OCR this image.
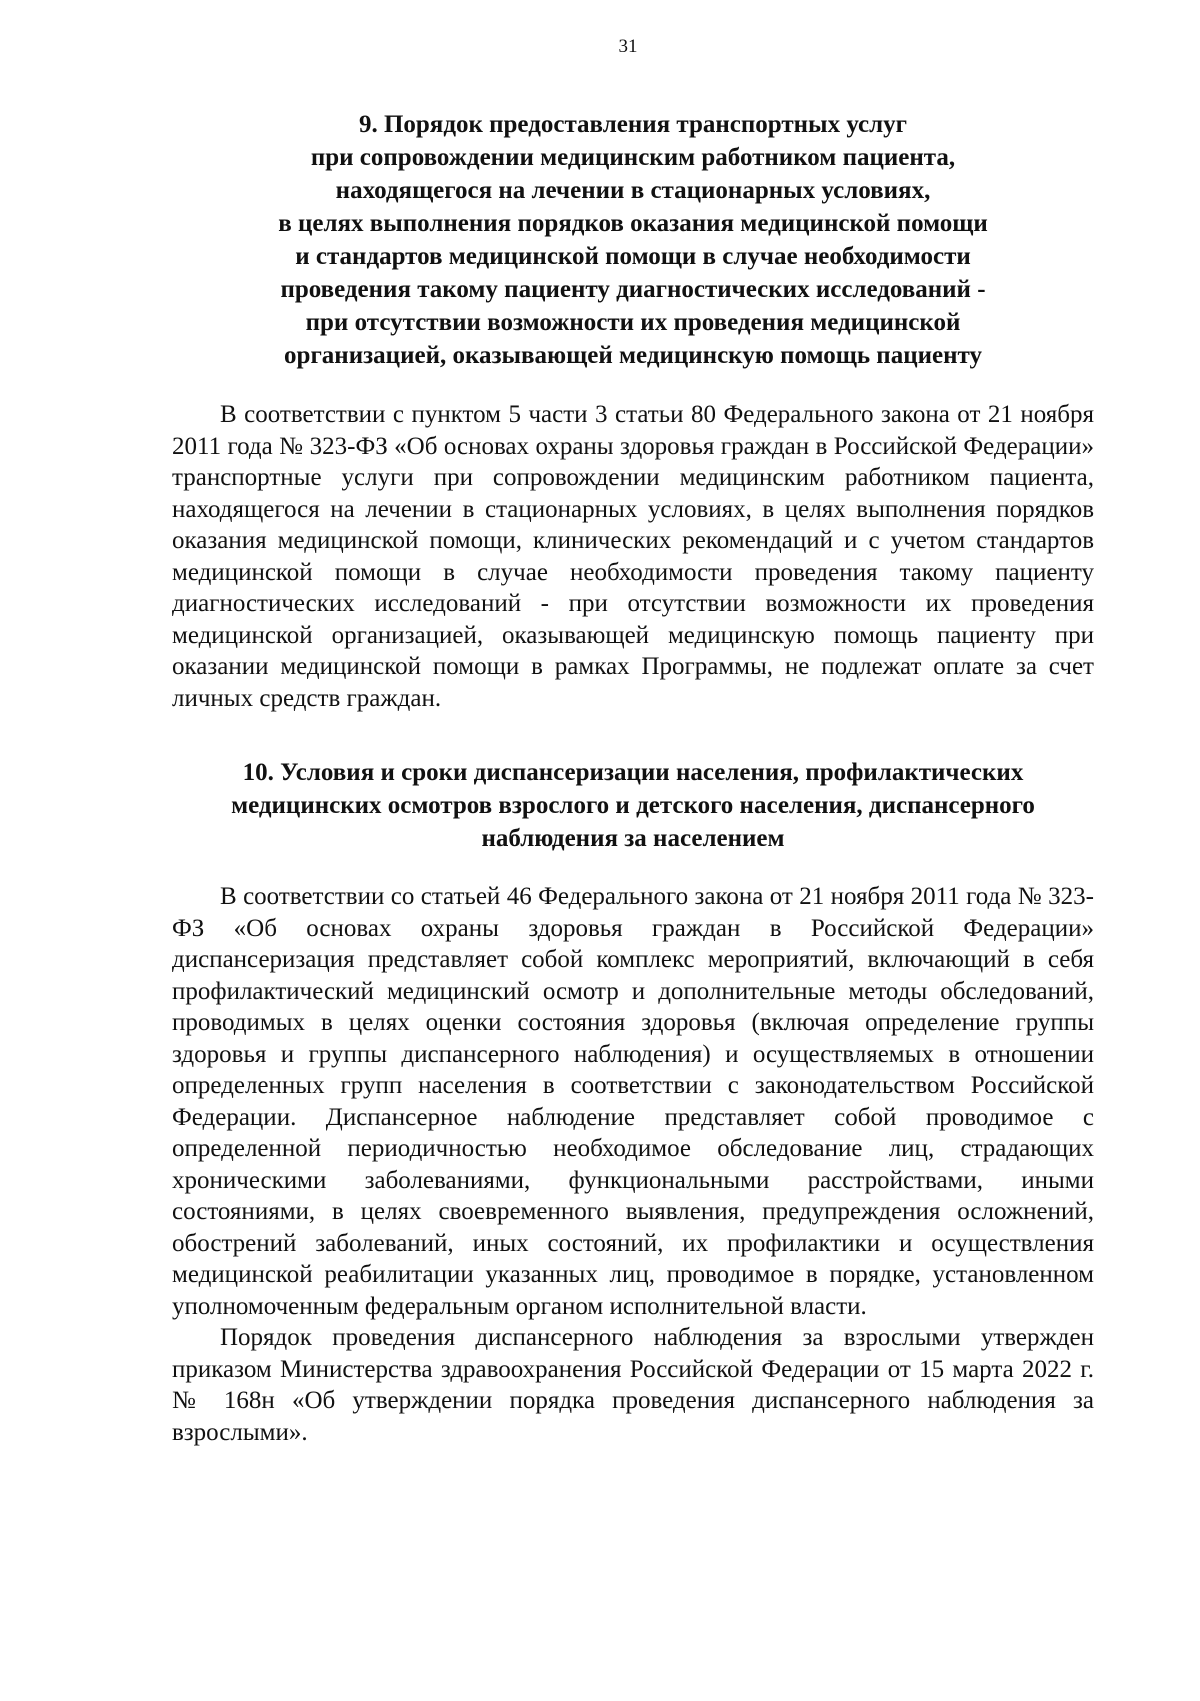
31
9. Порядок предоставления транспортных услуг
при сопровождении медицинским работником пациента,
находящегося на лечении в стационарных условиях,
в целях выполнения порядков оказания медицинской помощи
и стандартов медицинской помощи в случае необходимости
проведения такому пациенту диагностических исследований -
при отсутствии возможности их проведения медицинской
организацией, оказывающей медицинскую помощь пациенту

В соответствии с пунктом 5 части 3 статьи 80 Федерального закона от 21 ноября 2011 года № 323-ФЗ «Об основах охраны здоровья граждан в Российской Федерации» транспортные услуги при сопровождении медицинским работником пациента, находящегося на лечении в стационарных условиях, в целях выполнения порядков оказания медицинской помощи, клинических рекомендаций и с учетом стандартов медицинской помощи в случае необходимости проведения такому пациенту диагностических исследований - при отсутствии возможности их проведения медицинской организацией, оказывающей медицинскую помощь пациенту при оказании медицинской помощи в рамках Программы, не подлежат оплате за счет личных средств граждан.

10. Условия и сроки диспансеризации населения, профилактических
медицинских осмотров взрослого и детского населения, диспансерного
наблюдения за населением

В соответствии со статьей 46 Федерального закона от 21 ноября 2011 года № 323-ФЗ «Об основах охраны здоровья граждан в Российской Федерации» диспансеризация представляет собой комплекс мероприятий, включающий в себя профилактический медицинский осмотр и дополнительные методы обследований, проводимых в целях оценки состояния здоровья (включая определение группы здоровья и группы диспансерного наблюдения) и осуществляемых в отношении определенных групп населения в соответствии с законодательством Российской Федерации. Диспансерное наблюдение представляет собой проводимое с определенной периодичностью необходимое обследование лиц, страдающих хроническими заболеваниями, функциональными расстройствами, иными состояниями, в целях своевременного выявления, предупреждения осложнений, обострений заболеваний, иных состояний, их профилактики и осуществления медицинской реабилитации указанных лиц, проводимое в порядке, установленном уполномоченным федеральным органом исполнительной власти.

Порядок проведения диспансерного наблюдения за взрослыми утвержден приказом Министерства здравоохранения Российской Федерации от 15 марта 2022 г. № 168н «Об утверждении порядка проведения диспансерного наблюдения за взрослыми».
